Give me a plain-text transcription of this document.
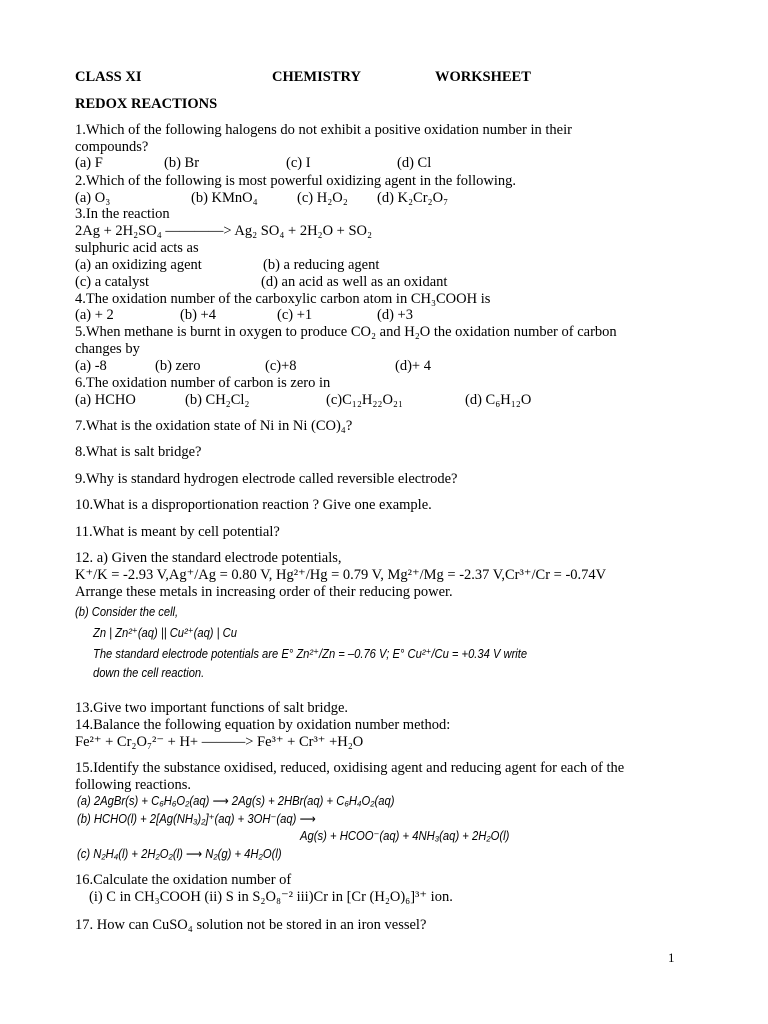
CLASS XI	CHEMISTRY	WORKSHEET
REDOX REACTIONS
1.Which of the following halogens do not exhibit a positive oxidation number in their
compounds?
(a) F	(b) Br	(c) I	(d) Cl
2.Which of the following is most powerful oxidizing agent in the following.
(a) O₃	(b) KMnO₄	(c) H₂O₂ (d) K₂Cr₂O₇
3.In the reaction
2Ag + 2H₂SO₄ ————> Ag₂ SO₄ + 2H₂O + SO₂
sulphuric acid acts as
(a) an oxidizing agent	(b) a reducing agent
(c) a catalyst	(d) an acid as well as an oxidant
4.The oxidation number of the carboxylic carbon atom in CH₃COOH is
(a) + 2	(b) +4	(c) +1	(d) +3
5.When methane is burnt in oxygen to produce CO₂ and H₂O the oxidation number of carbon
changes by
(a) -8	(b) zero	(c)+8	(d)+ 4
6.The oxidation number of carbon is zero in
(a) HCHO	(b) CH₂Cl₂	(c)C₁₂H₂₂O₂₁	(d) C₆H₁₂O
7.What is the oxidation state of Ni in Ni (CO)₄?
8.What is salt bridge?
9.Why is standard hydrogen electrode called reversible electrode?
10.What is a disproportionation reaction ? Give one example.
11.What is meant by cell potential?
12. a) Given the standard electrode potentials,
K⁺/K = -2.93 V,Ag⁺/Ag = 0.80 V, Hg²⁺/Hg = 0.79 V, Mg²⁺/Mg = -2.37 V,Cr³⁺/Cr = -0.74V
Arrange these metals in increasing order of their reducing power.
(b) Consider the cell,
Zn | Zn²⁺(aq) || Cu²⁺(aq) | Cu
The standard electrode potentials are E° Zn²⁺/Zn = –0.76 V; E° Cu²⁺/Cu = +0.34 V write
down the cell reaction.
13.Give two important functions of salt bridge.
14.Balance the following equation by oxidation number method:
Fe²⁺ + Cr₂O₇²⁻ + H+ ———> Fe³⁺ + Cr³⁺ +H₂O
15.Identify the substance oxidised, reduced, oxidising agent and reducing agent for each of the
following reactions.
(a) 2AgBr(s) + C₆H₆O₂(aq) ⟶ 2Ag(s) + 2HBr(aq) + C₆H₄O₂(aq)
(b) HCHO(l) + 2[Ag(NH₃)₂]⁺(aq) + 3OH⁻(aq) ⟶
Ag(s) + HCOO⁻(aq) + 4NH₃(aq) + 2H₂O(l)
(c) N₂H₄(l) + 2H₂O₂(l) ⟶ N₂(g) + 4H₂O(l)
16.Calculate the oxidation number of
(i) C in CH₃COOH (ii) S in S₂O₈⁻² iii)Cr in [Cr (H₂O)₆]³⁺ ion.
17. How can CuSO₄ solution not be stored in an iron vessel?
1
